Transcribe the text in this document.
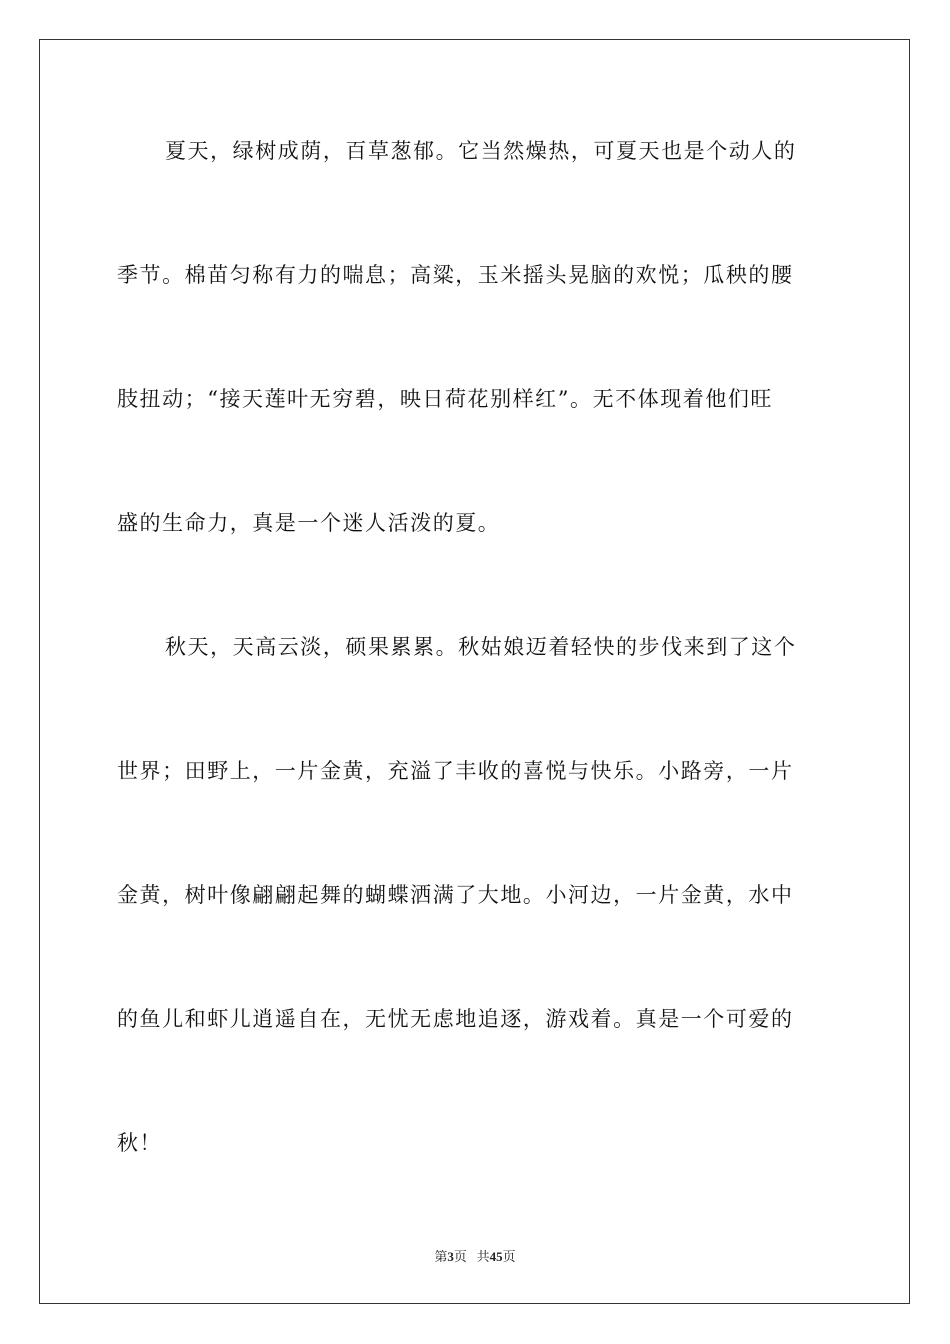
夏天，绿树成荫，百草葱郁。它当然燥热，可夏天也是个动人的
季节。棉苗匀称有力的喘息；高粱，玉米摇头晃脑的欢悦；瓜秧的腰
肢扭动；“接天莲叶无穷碧，映日荷花别样红”。无不体现着他们旺
盛的生命力，真是一个迷人活泼的夏。
秋天，天高云淡，硕果累累。秋姑娘迈着轻快的步伐来到了这个
世界；田野上，一片金黄，充溢了丰收的喜悦与快乐。小路旁，一片
金黄，树叶像翩翩起舞的蝴蝶洒满了大地。小河边，一片金黄，水中
的鱼儿和虾儿逍遥自在，无忧无虑地追逐，游戏着。真是一个可爱的
秋！
第3页 共45页
